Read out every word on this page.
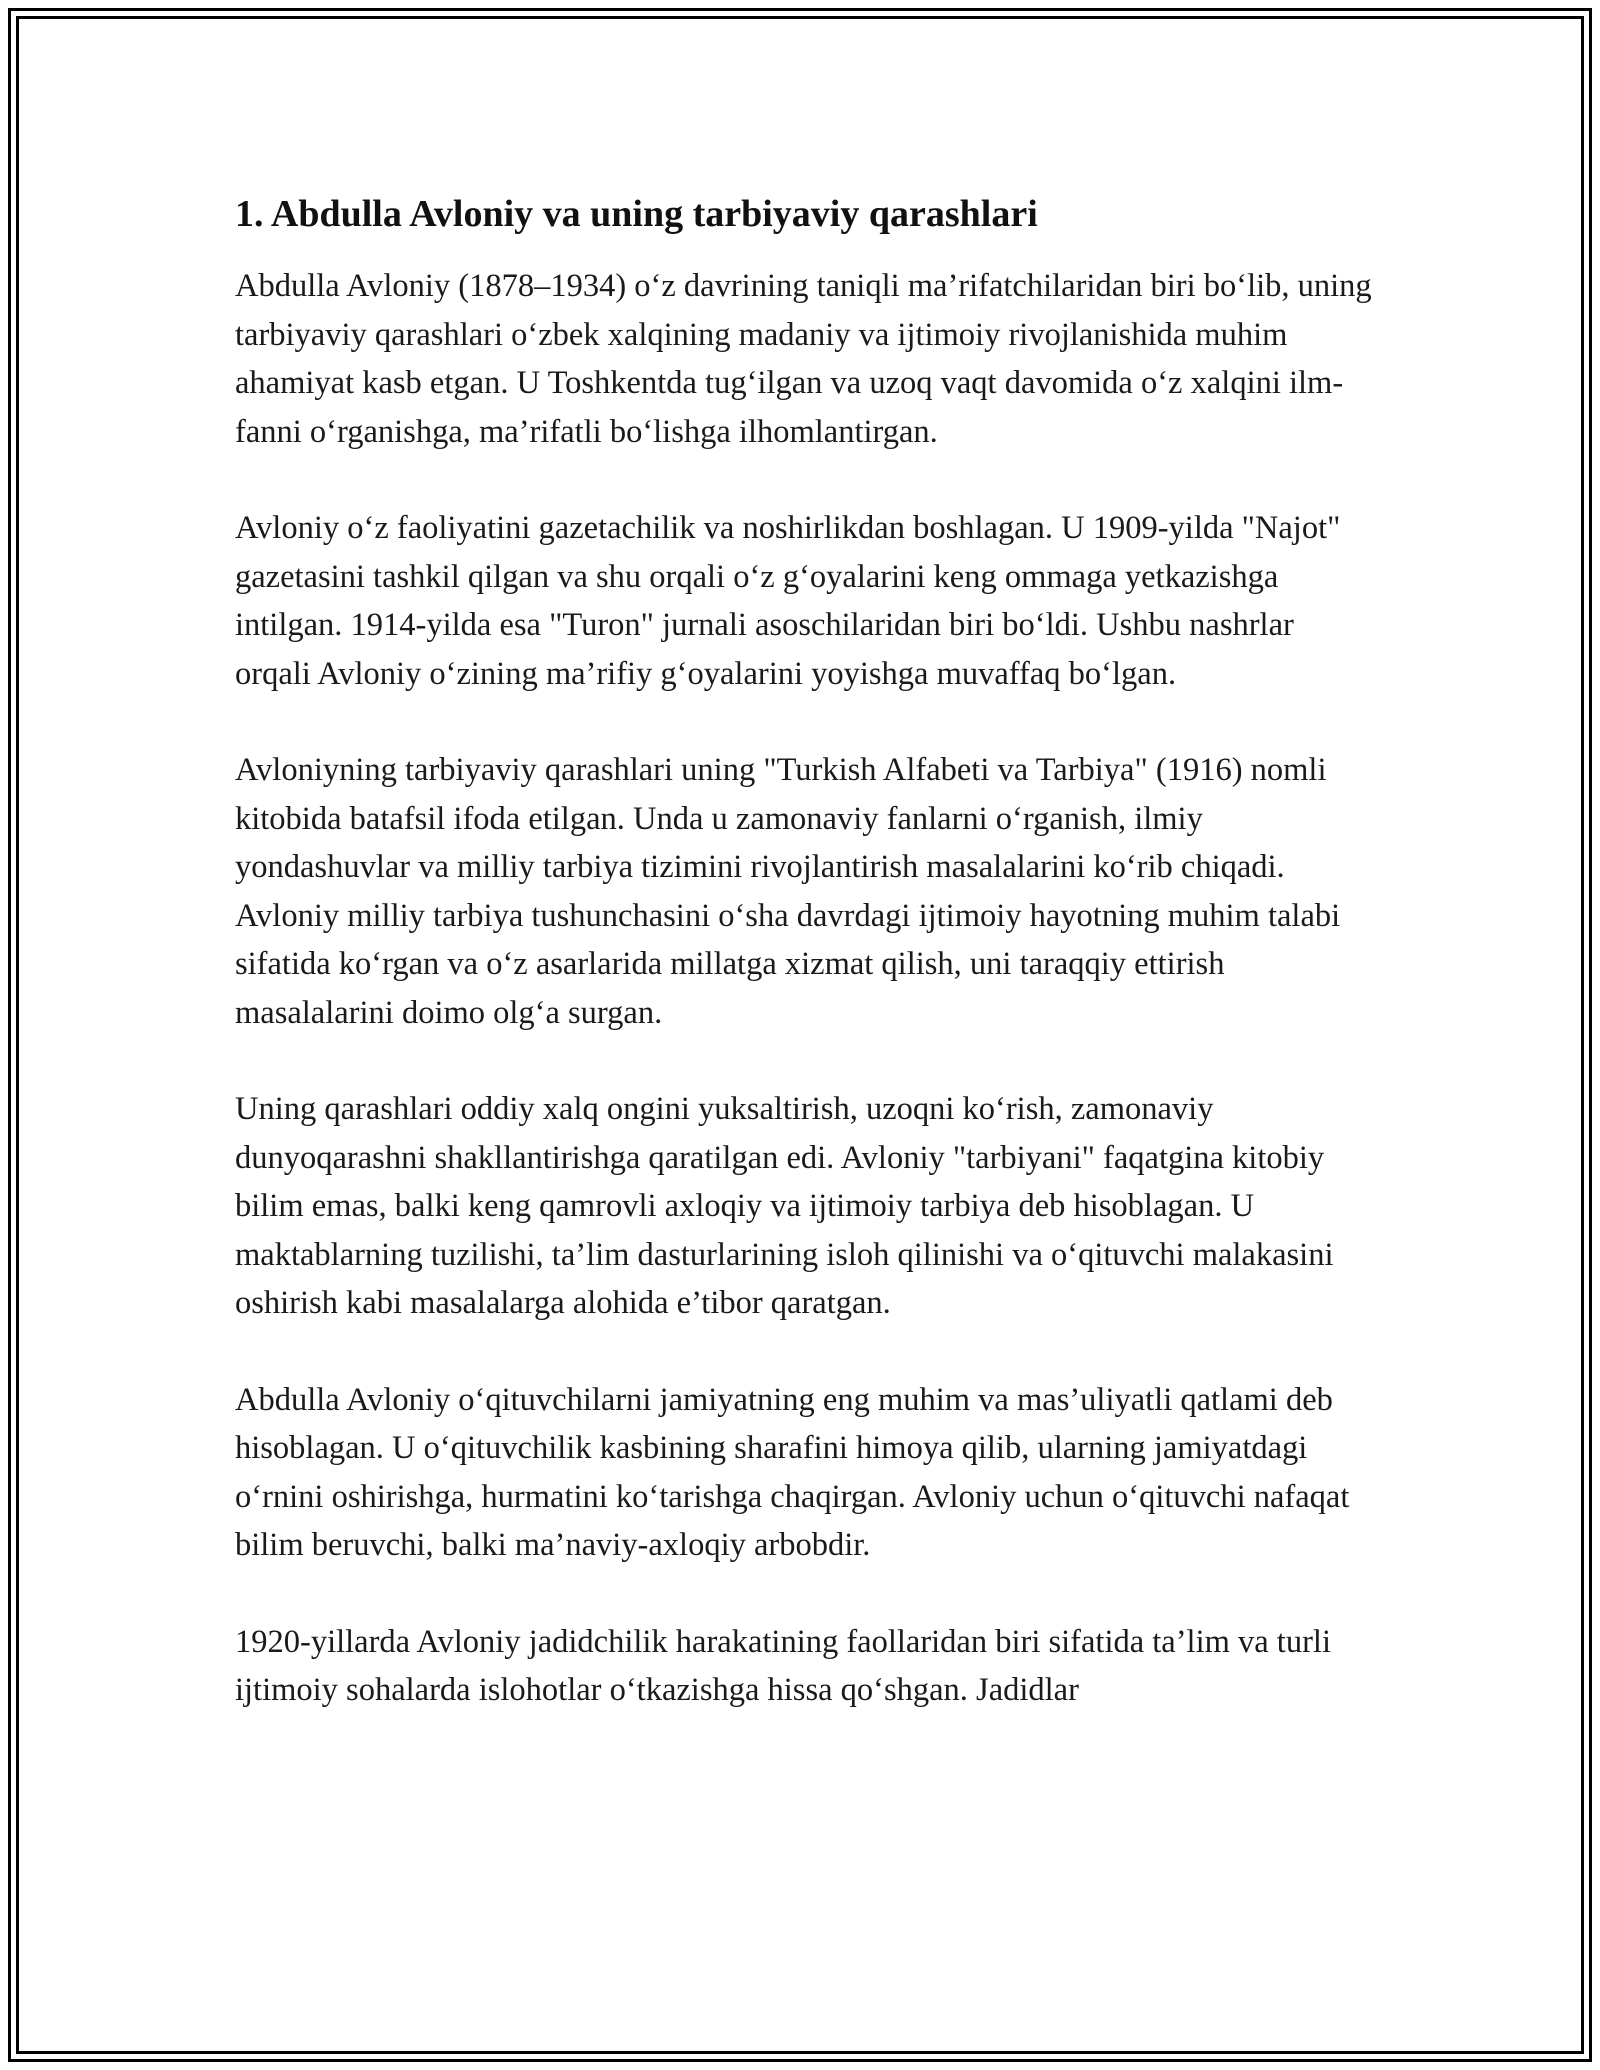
1. Abdulla Avloniy va uning tarbiyaviy qarashlari

Abdulla Avloniy (1878–1934) o‘z davrining taniqli ma’rifatchilaridan biri bo‘lib, uning tarbiyaviy qarashlari o‘zbek xalqining madaniy va ijtimoiy rivojlanishida muhim ahamiyat kasb etgan. U Toshkentda tug‘ilgan va uzoq vaqt davomida o‘z xalqini ilm-fanni o‘rganishga, ma’rifatli bo‘lishga ilhomlantirgan.

Avloniy o‘z faoliyatini gazetachilik va noshirlikdan boshlagan. U 1909-yilda "Najot" gazetasini tashkil qilgan va shu orqali o‘z g‘oyalarini keng ommaga yetkazishga intilgan. 1914-yilda esa "Turon" jurnali asoschilaridan biri bo‘ldi. Ushbu nashrlar orqali Avloniy o‘zining ma’rifiy g‘oyalarini yoyishga muvaffaq bo‘lgan.

Avloniyning tarbiyaviy qarashlari uning "Turkish Alfabeti va Tarbiya" (1916) nomli kitobida batafsil ifoda etilgan. Unda u zamonaviy fanlarni o‘rganish, ilmiy yondashuvlar va milliy tarbiya tizimini rivojlantirish masalalarini ko‘rib chiqadi. Avloniy milliy tarbiya tushunchasini o‘sha davrdagi ijtimoiy hayotning muhim talabi sifatida ko‘rgan va o‘z asarlarida millatga xizmat qilish, uni taraqqiy ettirish masalalarini doimo olg‘a surgan.

Uning qarashlari oddiy xalq ongini yuksaltirish, uzoqni ko‘rish, zamonaviy dunyoqarashni shakllantirishga qaratilgan edi. Avloniy "tarbiyani" faqatgina kitobiy bilim emas, balki keng qamrovli axloqiy va ijtimoiy tarbiya deb hisoblagan. U maktablarning tuzilishi, ta’lim dasturlarining isloh qilinishi va o‘qituvchi malakasini oshirish kabi masalalarga alohida e’tibor qaratgan.

Abdulla Avloniy o‘qituvchilarni jamiyatning eng muhim va mas’uliyatli qatlami deb hisoblagan. U o‘qituvchilik kasbining sharafini himoya qilib, ularning jamiyatdagi o‘rnini oshirishga, hurmatini ko‘tarishga chaqirgan. Avloniy uchun o‘qituvchi nafaqat bilim beruvchi, balki ma’naviy-axloqiy arbobdir.

1920-yillarda Avloniy jadidchilik harakatining faollaridan biri sifatida ta’lim va turli ijtimoiy sohalarda islohotlar o‘tkazishga hissa qo‘shgan. Jadidlar
